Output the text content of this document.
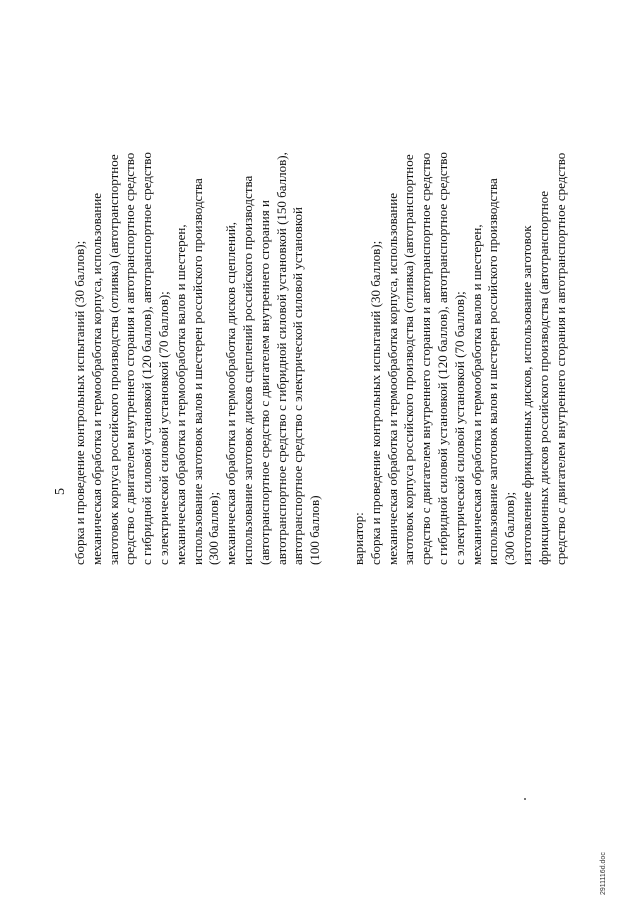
5 сборка и проведение контрольных испытаний (30 баллов); механическая обработка и термообработка корпуса, использование заготовок корпуса российского производства (отливка) (автотранспортное средство с двигателем внутреннего сгорания и автотранспортное средство с гибридной силовой установкой (120 баллов), автотранспортное средство с электрической силовой установкой (70 баллов); механическая обработка и термообработка валов и шестерен, использование заготовок валов и шестерен российского производства (300 баллов); механическая обработка и термообработка дисков сцеплений, использование заготовок дисков сцеплений российского производства (автотранспортное средство с двигателем внутреннего сгорания и автотранспортное средство с гибридной силовой установкой (150 баллов), автотранспортное средство с электрической силовой установкой (100 баллов) вариатор: сборка и проведение контрольных испытаний (30 баллов); механическая обработка и термообработка корпуса, использование заготовок корпуса российского производства (отливка) (автотранспортное средство с двигателем внутреннего сгорания и автотранспортное средство с гибридной силовой установкой (120 баллов), автотранспортное средство с электрической силовой установкой (70 баллов); механическая обработка и термообработка валов и шестерен, использование заготовок валов и шестерен российского производства (300 баллов); изготовление фрикционных дисков, использование заготовок фрикционных дисков российского производства (автотранспортное средство с двигателем внутреннего сгорания и автотранспортное средство
2911116d.doc
